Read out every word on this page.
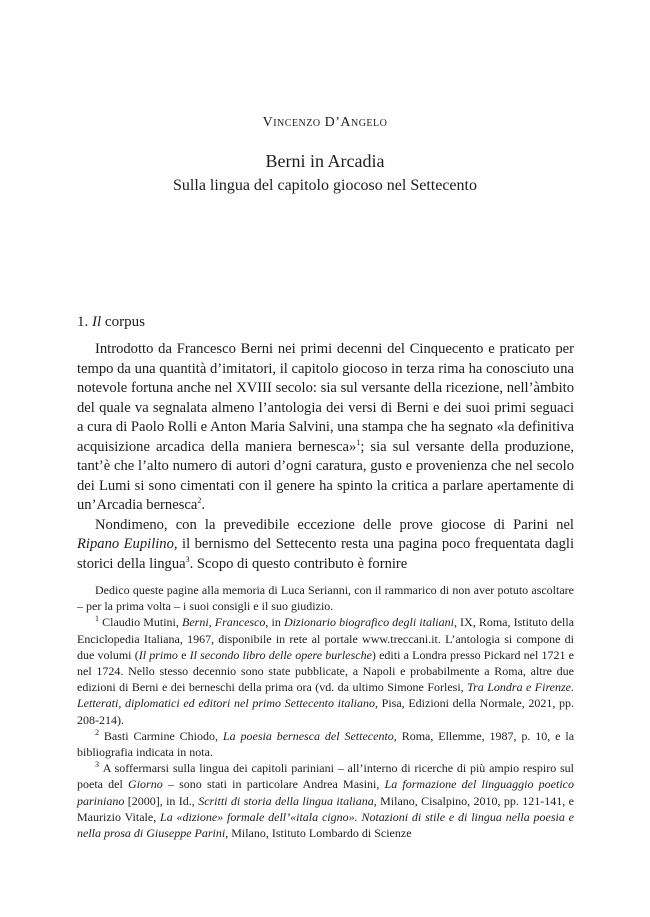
Vincenzo D’Angelo
Berni in Arcadia
Sulla lingua del capitolo giocoso nel Settecento
1. Il corpus

Introdotto da Francesco Berni nei primi decenni del Cinquecento e praticato per tempo da una quantità d’imitatori, il capitolo giocoso in terza rima ha conosciuto una notevole fortuna anche nel XVIII secolo: sia sul versante della ricezione, nell’àmbito del quale va segnalata almeno l’antologia dei versi di Berni e dei suoi primi seguaci a cura di Paolo Rolli e Anton Maria Salvini, una stampa che ha segnato «la definitiva acquisizione arcadica della maniera bernesca»$^1$; sia sul versante della produzione, tant’è che l’alto numero di autori d’ogni caratura, gusto e provenienza che nel secolo dei Lumi si sono cimentati con il genere ha spinto la critica a parlare apertamente di un’Arcadia bernesca$^2$.

Nondimeno, con la prevedibile eccezione delle prove giocose di Parini nel Ripano Eupilino, il bernismo del Settecento resta una pagina poco frequentata dagli storici della lingua$^3$. Scopo di questo contributo è fornire

Dedico queste pagine alla memoria di Luca Serianni, con il rammarico di non aver potuto ascoltare – per la prima volta – i suoi consigli e il suo giudizio.

$^1$ Claudio Mutini, Berni, Francesco, in Dizionario biografico degli italiani, IX, Roma, Istituto della Enciclopedia Italiana, 1967, disponibile in rete al portale www.treccani.it. L’antologia si compone di due volumi (Il primo e Il secondo libro delle opere burlesche) editi a Londra presso Pickard nel 1721 e nel 1724. Nello stesso decennio sono state pubblicate, a Napoli e probabilmente a Roma, altre due edizioni di Berni e dei berneschi della prima ora (vd. da ultimo Simone Forlesi, Tra Londra e Firenze. Letterati, diplomatici ed editori nel primo Settecento italiano, Pisa, Edizioni della Normale, 2021, pp. 208-214).

$^2$ Basti Carmine Chiodo, La poesia bernesca del Settecento, Roma, Ellemme, 1987, p. 10, e la bibliografia indicata in nota.

$^3$ A soffermarsi sulla lingua dei capitoli pariniani – all’interno di ricerche di più ampio respiro sul poeta del Giorno – sono stati in particolare Andrea Masini, La formazione del linguaggio poetico pariniano [2000], in Id., Scritti di storia della lingua italiana, Milano, Cisalpino, 2010, pp. 121-141, e Maurizio Vitale, La «dizione» formale dell’«itala cigno». Notazioni di stile e di lingua nella poesia e nella prosa di Giuseppe Parini, Milano, Istituto Lombardo di Scienze
